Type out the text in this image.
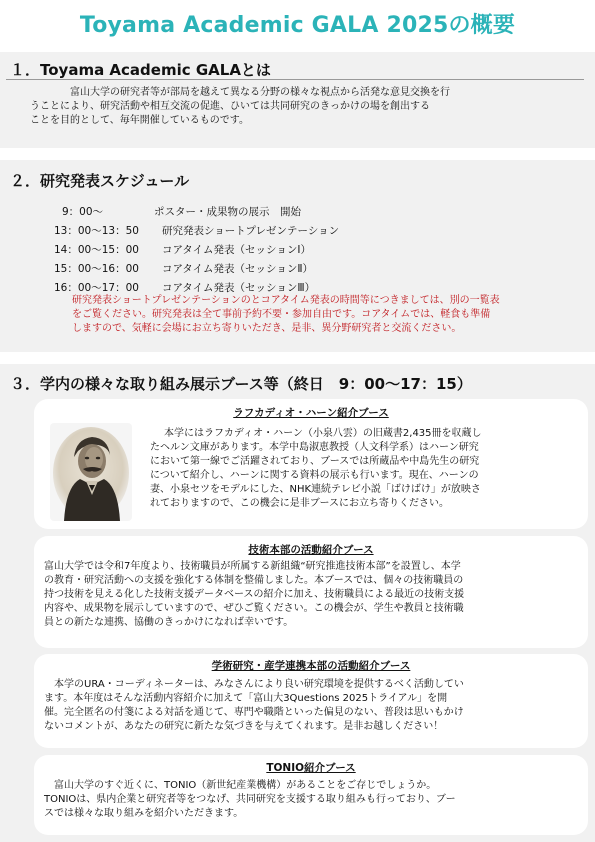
Toyama Academic GALA 2025の概要
１．Toyama Academic GALAとは

　　富山大学の研究者等が部局を越えて異なる分野の様々な視点から活発な意見交換を行

うことにより、研究活動や相互交流の促進、ひいては共同研究のきっかけの場を創出する

ことを目的として、毎年開催しているものです。

２．研究発表スケジュール
9：00～	ポスター・成果物の展示　開始
13：00～13：50	研究発表ショートプレゼンテーション
14：00～15：00	コアタイム発表（セッションⅠ）
15：00～16：00	コアタイム発表（セッションⅡ）
16：00～17：00	コアタイム発表（セッションⅢ）
研究発表ショートプレゼンテーションのとコアタイム発表の時間等につきましては、別の一覧表
をご覧ください。研究発表は全て事前予約不要・参加自由です。コアタイムでは、軽食も準備
しますので、気軽に会場にお立ち寄りいただき、是非、異分野研究者と交流ください。
３．学内の様々な取り組み展示ブース等（終日　9：00～17：15）
ラフカディオ・ハーン紹介ブース
本学にはラフカディオ・ハーン（小泉八雲）の旧蔵書2,435冊を収蔵し
たヘルン文庫があります。本学中島淑恵教授（人文科学系）はハーン研究
において第一線でご活躍されており、ブースでは所蔵品や中島先生の研究
について紹介し、ハーンに関する資料の展示も行います。現在、ハーンの
妻、小泉セツをモデルにした、NHK連続テレビ小説「ばけばけ」が放映さ
れておりますので、この機会に是非ブースにお立ち寄りください。
技術本部の活動紹介ブース
富山大学では令和7年度より、技術職員が所属する新組織“研究推進技術本部”を設置し、本学
の教育・研究活動への支援を強化する体制を整備しました。本ブースでは、個々の技術職員の
持つ技術を見える化した技術支援データベースの紹介に加え、技術職員による最近の技術支援
内容や、成果物を展示していますので、ぜひご覧ください。この機会が、学生や教員と技術職
員との新たな連携、協働のきっかけになれば幸いです。
学術研究・産学連携本部の活動紹介ブース
　本学のURA・コーディネーターは、みなさんにより良い研究環境を提供するべく活動してい
ます。本年度はそんな活動内容紹介に加えて「富山大3Questions 2025トライアル」を開
催。完全匿名の付箋による対話を通じて、専門や職階といった偏見のない、普段は思いもかけ
ないコメントが、あなたの研究に新たな気づきを与えてくれます。是非お越しください！
TONIO紹介ブース
　富山大学のすぐ近くに、TONIO（新世紀産業機構）があることをご存じでしょうか。
TONIOは、県内企業と研究者等をつなげ、共同研究を支援する取り組みも行っており、ブー
スでは様々な取り組みを紹介いただきます。
